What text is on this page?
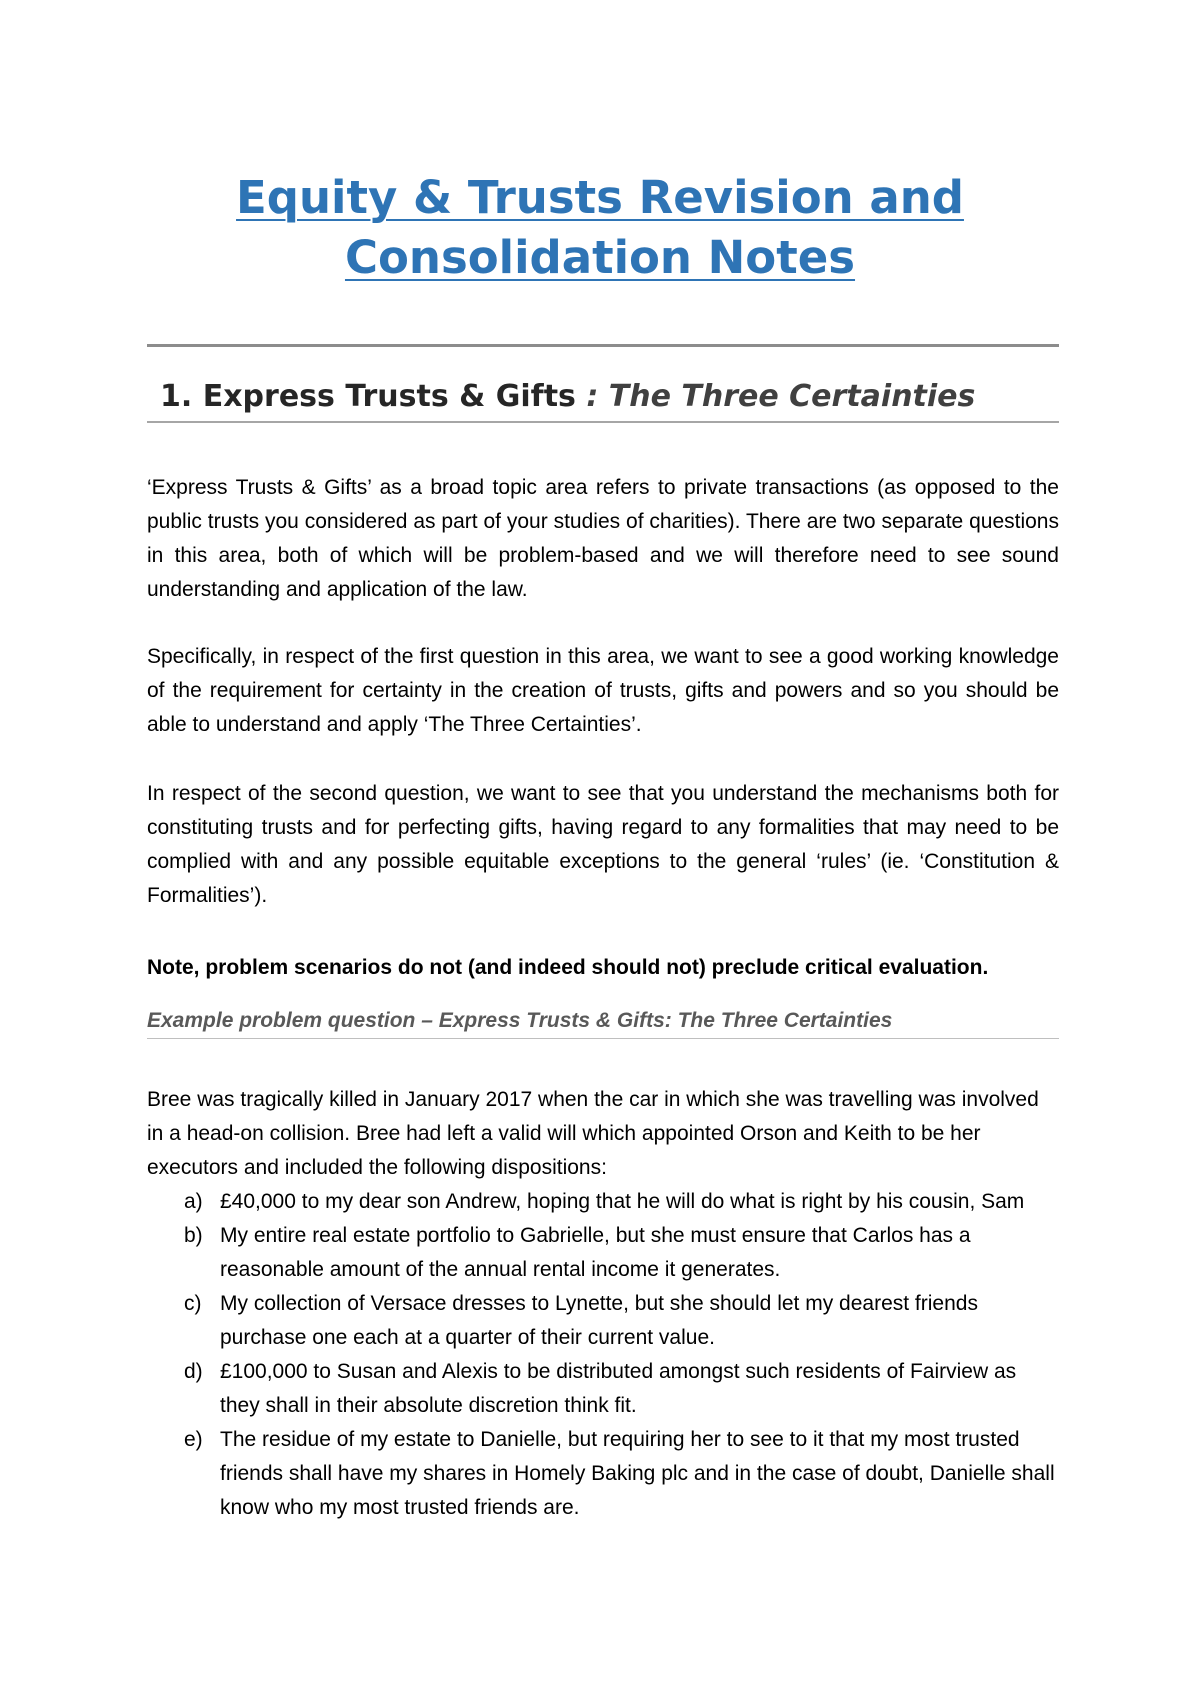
Equity & Trusts Revision and
Consolidation Notes
1. Express Trusts & Gifts : The Three Certainties

‘Express Trusts & Gifts’ as a broad topic area refers to private transactions (as opposed to the public trusts you considered as part of your studies of charities). There are two separate questions in this area, both of which will be problem-based and we will therefore need to see sound understanding and application of the law.

Specifically, in respect of the first question in this area, we want to see a good working knowledge of the requirement for certainty in the creation of trusts, gifts and powers and so you should be able to understand and apply ‘The Three Certainties’.

In respect of the second question, we want to see that you understand the mechanisms both for constituting trusts and for perfecting gifts, having regard to any formalities that may need to be complied with and any possible equitable exceptions to the general ‘rules’ (ie. ‘Constitution & Formalities’).

Note, problem scenarios do not (and indeed should not) preclude critical evaluation.

Example problem question – Express Trusts & Gifts: The Three Certainties

Bree was tragically killed in January 2017 when the car in which she was travelling was involved in a head-on collision. Bree had left a valid will which appointed Orson and Keith to be her executors and included the following dispositions:

a) £40,000 to my dear son Andrew, hoping that he will do what is right by his cousin, Sam
b) My entire real estate portfolio to Gabrielle, but she must ensure that Carlos has a reasonable amount of the annual rental income it generates.
c) My collection of Versace dresses to Lynette, but she should let my dearest friends purchase one each at a quarter of their current value.
d) £100,000 to Susan and Alexis to be distributed amongst such residents of Fairview as they shall in their absolute discretion think fit.
e) The residue of my estate to Danielle, but requiring her to see to it that my most trusted friends shall have my shares in Homely Baking plc and in the case of doubt, Danielle shall know who my most trusted friends are.
